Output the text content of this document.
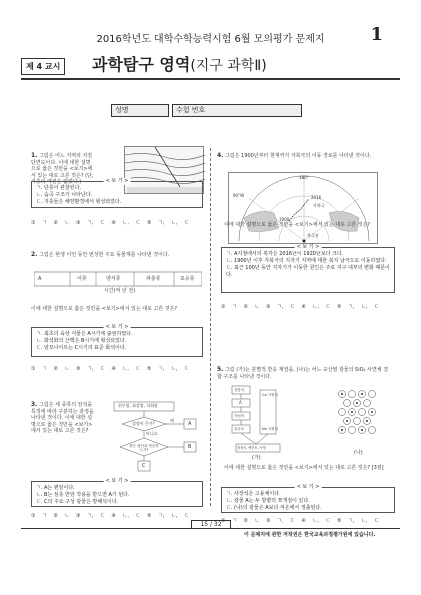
2016학년도 대학수학능력시험 6월 모의평가 문제지	1
제 4 교시	과학탐구 영역(지구 과학Ⅱ)
성명	수험 번호
1. 그림은 어느 지역의 지질 단면도이다. 이에 대한 설명으로 옳은 것만을 <보기>에서 있는 대로 고른 것은? (단, 지층의 역전은 없었다.)	< 보 기 >
ㄱ. 단층이 관찰된다.
ㄴ. 습곡 구조가 나타난다.
ㄷ. 지층들은 해양환경에서 형성되었다.
① ㄱ ② ㄴ ③ ㄱ, ㄷ ④ ㄴ, ㄷ ⑤ ㄱ, ㄴ, ㄷ
2. 그림은 현생 이언 동안 번성한 주요 동물계를 나타낸 것이다.
A	어류	양서류	파충류	포유류
시간(억 년 전)
이에 대한 설명으로 옳은 것만을 <보기>에서 있는 대로 고른 것은?
< 보 기 >
ㄱ. 최초의 육상 식물은 A시기에 출현하였다.
ㄴ. 화석화의 산맥은 B시기에 형성되었다.
ㄷ. 암모나이트는 C시기의 표준 화석이다.
① ㄱ ② ㄴ ③ ㄱ, ㄷ ④ ㄴ, ㄷ ⑤ ㄱ, ㄴ, ㄷ
3. 그림은 세 종류의 암석을 특징에 따라 구분하는 과정을 나타낸 것이다. 이에 대한 설명으로 옳은 것만을 <보기>에서 있는 대로 고른 것은?
현무암, 화강암, 석회암
결정이 큰가?	A
예
아니요
묽은 염산과 반응하는가?	B
C
< 보 기 >
ㄱ. A는 편암이다.
ㄴ. B는 심층 반암 작용을 받으면 A가 된다.
ㄷ. C의 주요 구성 광물은 방해석이다.
① ㄱ ② ㄴ ③ ㄱ, ㄷ ④ ㄴ, ㄷ ⑤ ㄱ, ㄴ, ㄷ
4. 그림은 1900년부터 현재까지 자북극의 이동 경로를 나타낸 것이다.
180°
90°W	2016
1900
북극점
자북극
이에 대한 설명으로 옳은 것만을 <보기>에서 있는 대로 고른 것은?
< 보 기 >
ㄱ. A지점에서의 복각은 2016년이 1920년보다 크다.
ㄴ. 1900년 이후 자북극의 지자기 지역에 대한 북지 남극으로 이동하였다.
ㄷ. 최근 100년 동안 지자기가 이동한 원인은 주로 지구 내부의 변화 때문이다.
① ㄱ ② ㄴ ③ ㄱ, ㄷ ④ ㄴ, ㄷ ⑤ ㄱ, ㄴ, ㄷ
5. 그림 (가)는 분별적 반응 계열을, (나)는 어느 규산염 광물의 SiO₄ 사면체 결합 구조를 나타낸 것이다.
감람석
A
각섬석
흑운모
Ca 사장석
Na 사장석
정장석, 백운모, 석영
(가)
(나)
이에 대한 설명으로 옳은 것만을 <보기>에서 있는 대로 고른 것은? [3점]
< 보 기 >
ㄱ. 사장석은 고용체이다.
ㄴ. 광물 A는 두 방향의 쪼개짐이 있다.
ㄷ. (나)의 광물은 A보다 저온에서 정출된다.
① ㄱ ② ㄴ ③ ㄱ, ㄷ ④ ㄴ, ㄷ ⑤ ㄱ, ㄴ, ㄷ
15 / 32
이 문제지에 관한 저작권은 한국교육과정평가원에 있습니다.
